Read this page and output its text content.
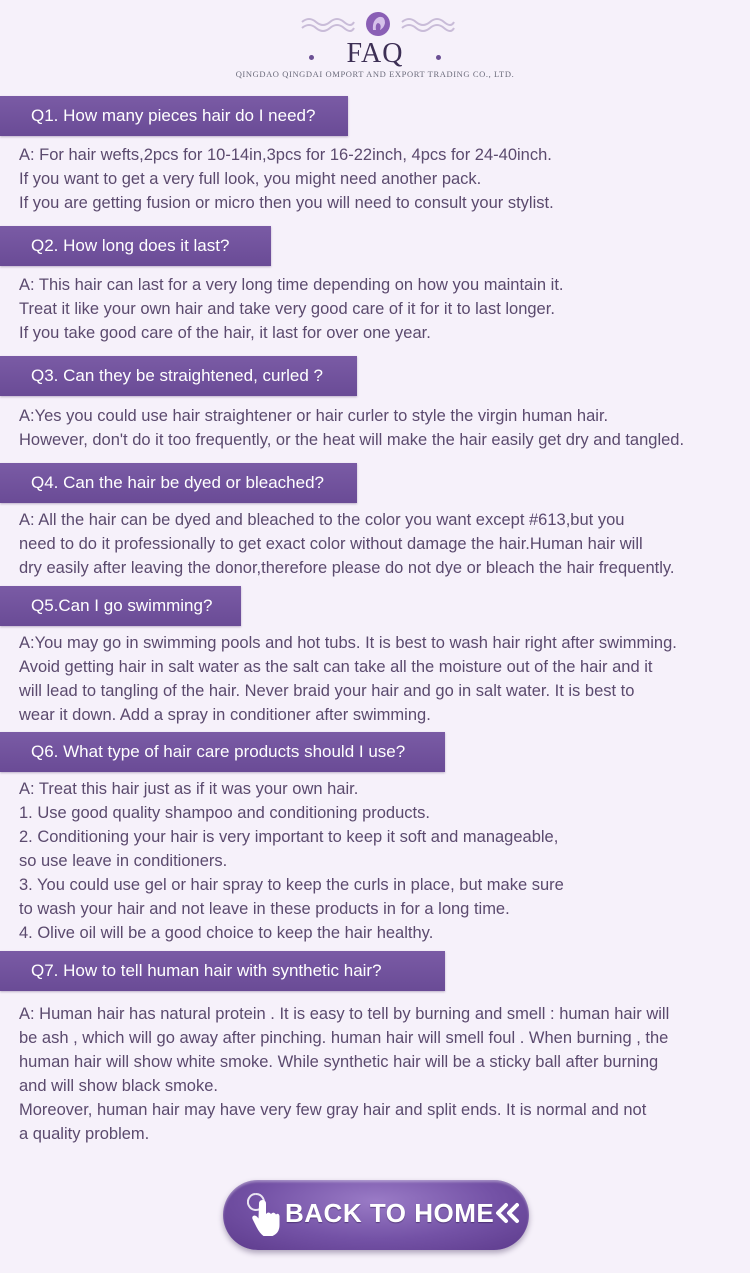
FAQ
QINGDAO QINGDAI OMPORT AND EXPORT TRADING CO., LTD.
Q1. How many pieces hair do I need?
A: For hair wefts,2pcs for 10-14in,3pcs for 16-22inch, 4pcs for 24-40inch.
If you want to get a very full look, you might need another pack.
If you are getting fusion or micro then you will need to consult your stylist.
Q2. How long does it last?
A: This hair can last for a very long time depending on how you maintain it.
Treat it like your own hair and take very good care of it for it to last longer.
If you take good care of the hair, it last for over one year.
Q3. Can they be straightened, curled ?
A:Yes you could use hair straightener or hair curler to style the virgin human hair.
However, don't do it too frequently, or the heat will make the hair easily get dry and tangled.
Q4. Can the hair be dyed or bleached?
A: All the hair can be dyed and bleached to the color you want except #613,but you
need to do it professionally to get exact color without damage the hair.Human hair will
dry easily after leaving the donor,therefore please do not dye or bleach the hair frequently.
Q5.Can I go swimming?
A:You may go in swimming pools and hot tubs. It is best to wash hair right after swimming.
Avoid getting hair in salt water as the salt can take all the moisture out of the hair and it
will lead to tangling of the hair. Never braid your hair and go in salt water. It is best to
wear it down. Add a spray in conditioner after swimming.
Q6. What type of hair care products should I use?
A: Treat this hair just as if it was your own hair.
1. Use good quality shampoo and conditioning products.
2. Conditioning your hair is very important to keep it soft and manageable,
so use leave in conditioners.
3. You could use gel or hair spray to keep the curls in place, but make sure
to wash your hair and not leave in these products in for a long time.
4. Olive oil will be a good choice to keep the hair healthy.
Q7. How to tell human hair with synthetic hair?
A: Human hair has natural protein . It is easy to tell by burning and smell : human hair will
be ash , which will go away after pinching. human hair will smell foul . When burning , the
human hair will show white smoke. While synthetic hair will be a sticky ball after burning
and will show black smoke.
Moreover, human hair may have very few gray hair and split ends. It is normal and not
a quality problem.
BACK TO HOME
